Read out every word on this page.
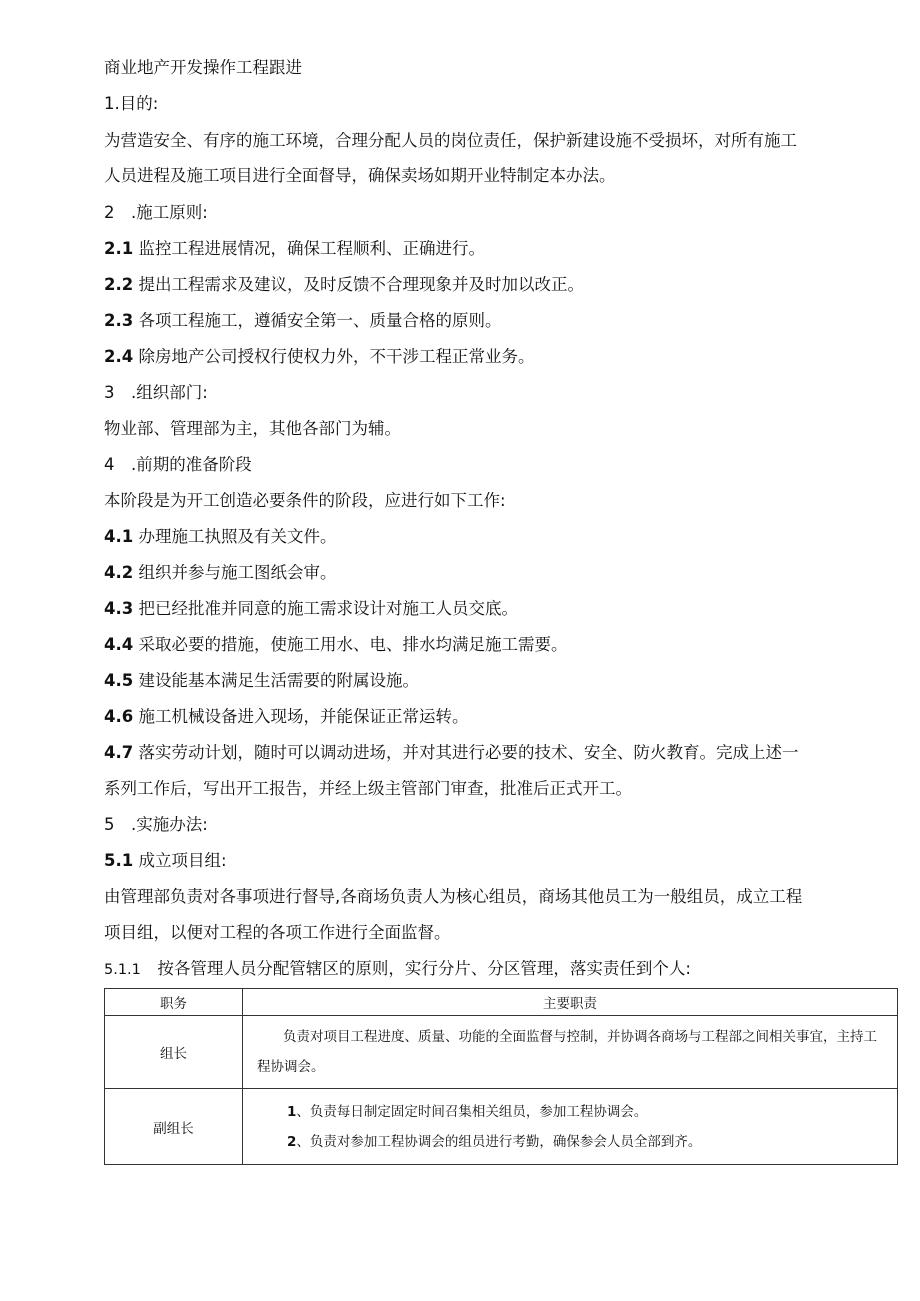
商业地产开发操作工程跟进
1.目的:
为营造安全、有序的施工环境，合理分配人员的岗位责任，保护新建设施不受损坏，对所有施工
人员进程及施工项目进行全面督导，确保卖场如期开业特制定本办法。
2　.施工原则:
2.1 监控工程进展情况，确保工程顺利、正确进行。
2.2 提出工程需求及建议，及时反馈不合理现象并及时加以改正。
2.3 各项工程施工，遵循安全第一、质量合格的原则。
2.4 除房地产公司授权行使权力外，不干涉工程正常业务。
3　.组织部门:
物业部、管理部为主，其他各部门为辅。
4　.前期的准备阶段
本阶段是为开工创造必要条件的阶段，应进行如下工作:
4.1 办理施工执照及有关文件。
4.2 组织并参与施工图纸会审。
4.3 把已经批准并同意的施工需求设计对施工人员交底。
4.4 采取必要的措施，使施工用水、电、排水均满足施工需要。
4.5 建设能基本满足生活需要的附属设施。
4.6 施工机械设备进入现场，并能保证正常运转。
4.7 落实劳动计划，随时可以调动进场，并对其进行必要的技术、安全、防火教育。完成上述一
系列工作后，写出开工报告，并经上级主管部门审查，批准后正式开工。
5　.实施办法:
5.1 成立项目组:
由管理部负责对各事项进行督导,各商场负责人为核心组员，商场其他员工为一般组员，成立工程
项目组，以便对工程的各项工作进行全面监督。
5.1.1　按各管理人员分配管辖区的原则，实行分片、分区管理，落实责任到个人:
职务	主要职责
组长	负责对项目工程进度、质量、功能的全面监督与控制，并协调各商场与工程部之间相关事宜，主持工程协调会。

副组长	1、负责每日制定固定时间召集相关组员，参加工程协调会。
2、负责对参加工程协调会的组员进行考勤，确保参会人员全部到齐。
